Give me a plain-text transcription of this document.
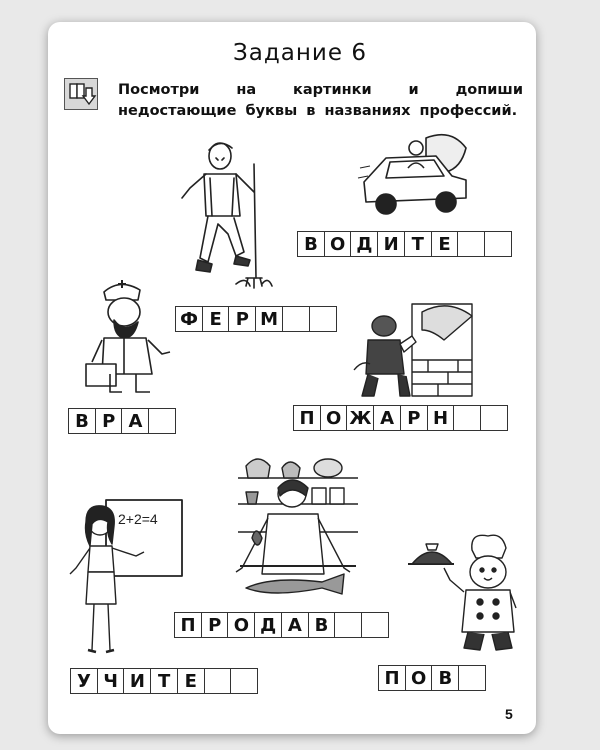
Задание 6
Посмотри на картинки и допиши недостающие буквы в названиях профессий.
2+2=4
В О Д И Т Е
Ф Е Р М
В Р А	П О Ж А Р Н
П Р О Д А В
У Ч И Т Е	П О В
5
